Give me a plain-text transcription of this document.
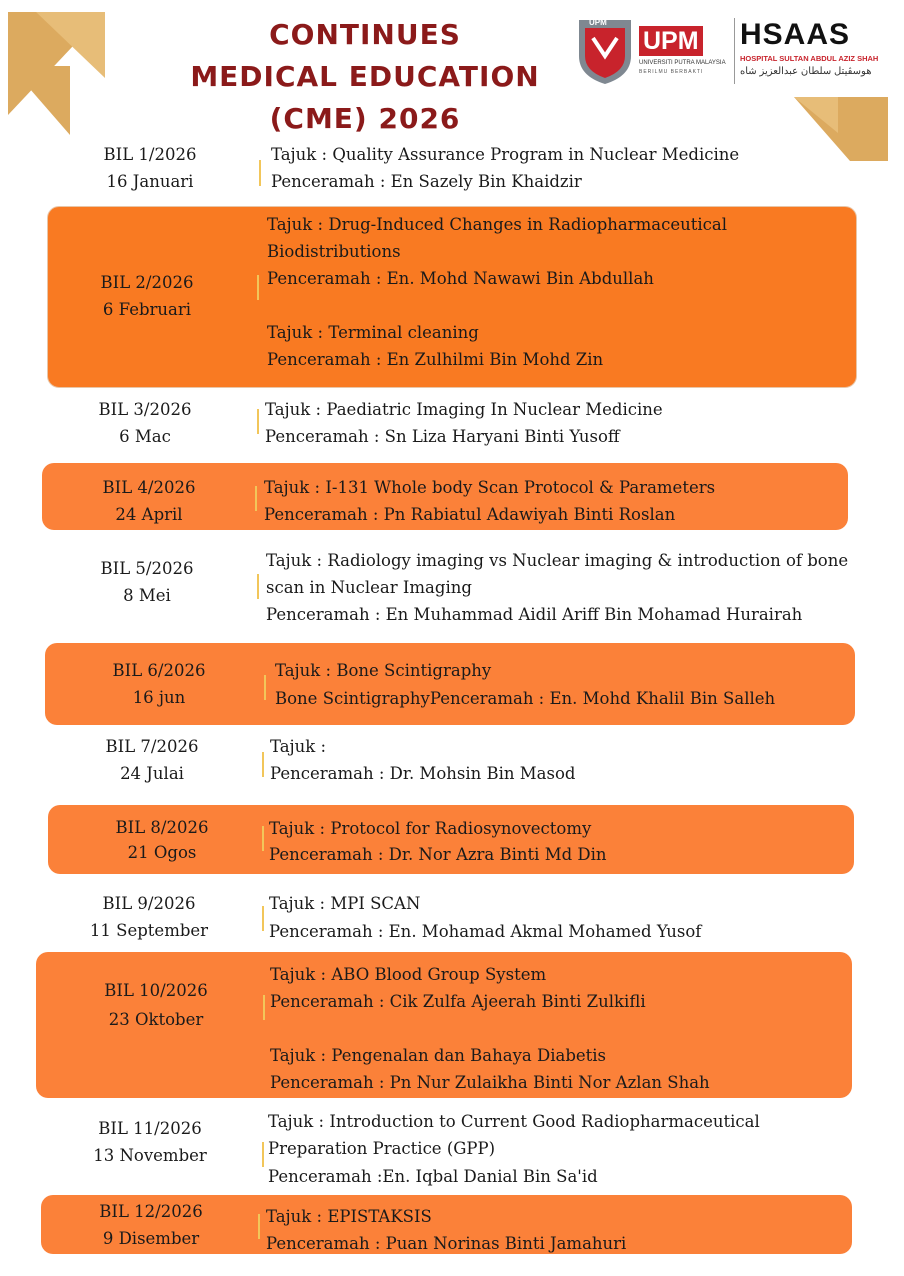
CONTINUES
MEDICAL EDUCATION
(CME) 2026
UPM
UPM
UNIVERSITI PUTRA MALAYSIA
BERILMU BERBAKTI
HSAAS
HOSPITAL SULTAN ABDUL AZIZ SHAH
هوسڤيتل سلطان عبدالعزيز شاه
BIL 1/2026
16 Januari
Tajuk : Quality Assurance Program in Nuclear Medicine
Penceramah : En Sazely Bin Khaidzir
BIL 2/2026
6 Februari
Tajuk : Drug-Induced Changes in Radiopharmaceutical
Biodistributions
Penceramah : En. Mohd Nawawi Bin Abdullah
Tajuk : Terminal cleaning
Penceramah : En Zulhilmi Bin Mohd Zin
BIL 3/2026
6 Mac
Tajuk : Paediatric Imaging In Nuclear Medicine
Penceramah : Sn Liza Haryani Binti Yusoff
BIL 4/2026
24 April
Tajuk : I-131 Whole body Scan Protocol & Parameters
Penceramah : Pn Rabiatul Adawiyah Binti Roslan
BIL 5/2026
8 Mei
Tajuk : Radiology imaging vs Nuclear imaging & introduction of bone
scan in Nuclear Imaging
Penceramah : En Muhammad Aidil Ariff Bin Mohamad Hurairah
BIL 6/2026
16 jun
Tajuk : Bone Scintigraphy
Bone ScintigraphyPenceramah : En. Mohd Khalil Bin Salleh
BIL 7/2026
24 Julai
Tajuk :
Penceramah : Dr. Mohsin Bin Masod
BIL 8/2026
21 Ogos
Tajuk : Protocol for Radiosynovectomy
Penceramah : Dr. Nor Azra Binti Md Din
BIL 9/2026
11 September
Tajuk : MPI SCAN
Penceramah : En. Mohamad Akmal Mohamed Yusof
BIL 10/2026
23 Oktober
Tajuk : ABO Blood Group System
Penceramah : Cik Zulfa Ajeerah Binti Zulkifli
Tajuk : Pengenalan dan Bahaya Diabetis
Penceramah : Pn Nur Zulaikha Binti Nor Azlan Shah
BIL 11/2026
13 November
Tajuk : Introduction to Current Good Radiopharmaceutical
Preparation Practice (GPP)
Penceramah :En. Iqbal Danial Bin Sa'id
BIL 12/2026
9 Disember
Tajuk : EPISTAKSIS
Penceramah : Puan Norinas Binti Jamahuri
